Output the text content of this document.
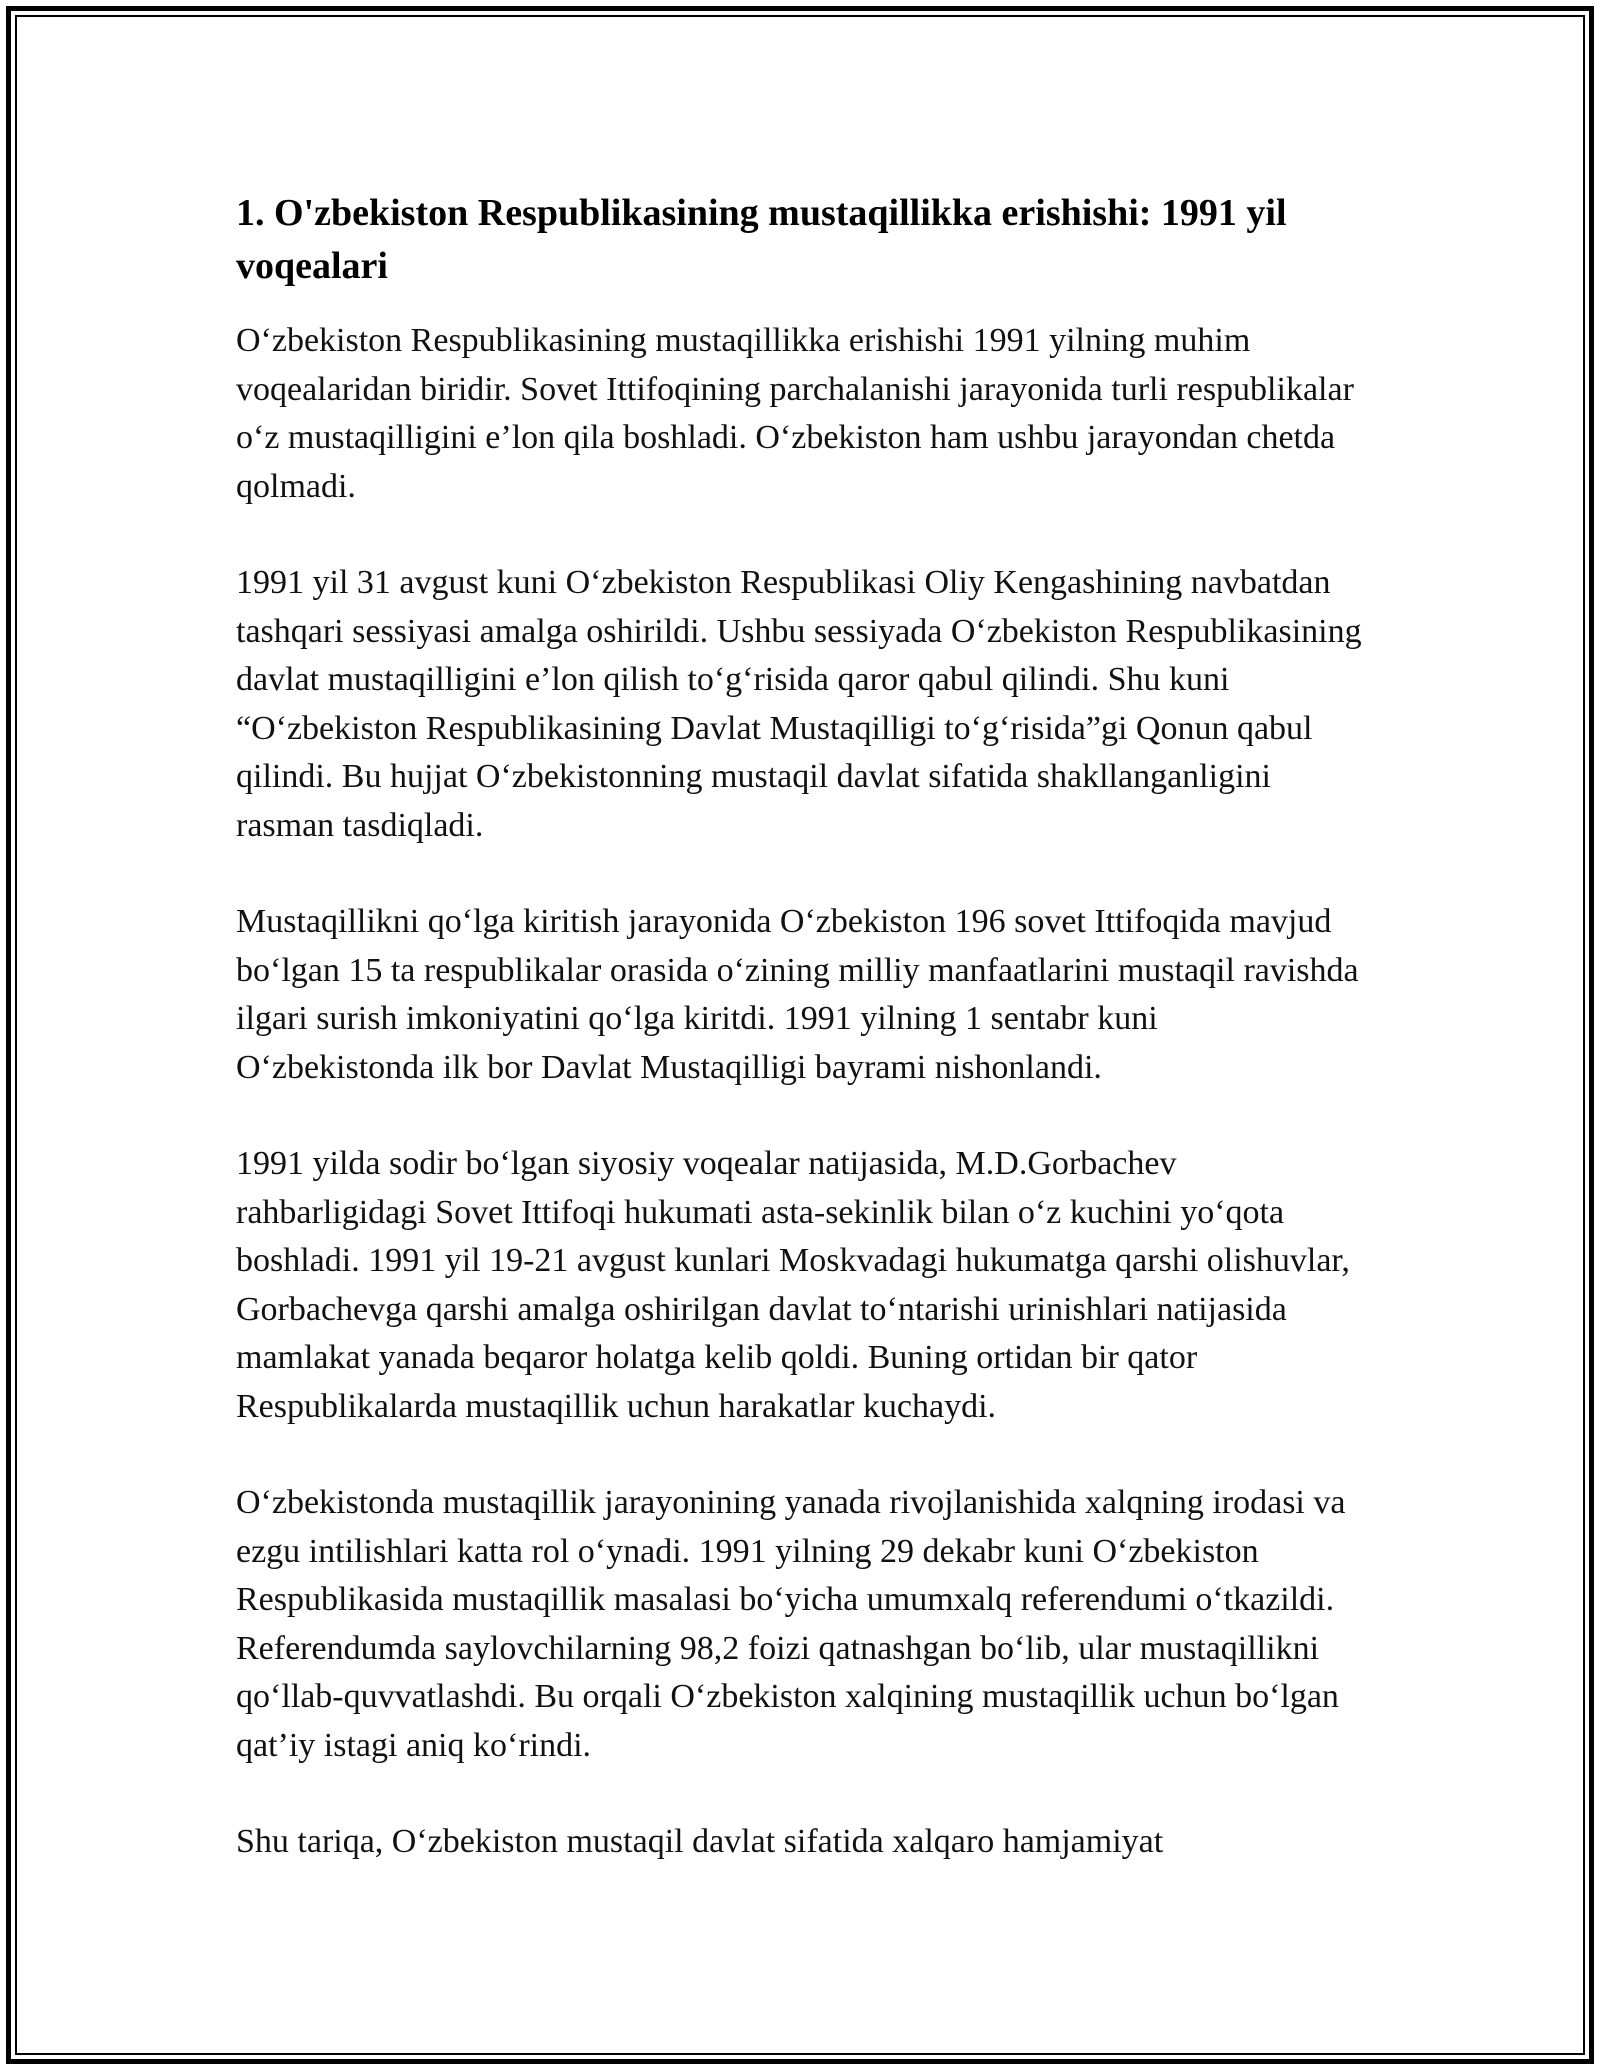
1. O'zbekiston Respublikasining mustaqillikka erishishi: 1991 yil voqealari

O‘zbekiston Respublikasining mustaqillikka erishishi 1991 yilning muhim voqealaridan biridir. Sovet Ittifoqining parchalanishi jarayonida turli respublikalar o‘z mustaqilligini e’lon qila boshladi. O‘zbekiston ham ushbu jarayondan chetda qolmadi.

1991 yil 31 avgust kuni O‘zbekiston Respublikasi Oliy Kengashining navbatdan tashqari sessiyasi amalga oshirildi. Ushbu sessiyada O‘zbekiston Respublikasining davlat mustaqilligini e’lon qilish to‘g‘risida qaror qabul qilindi. Shu kuni “O‘zbekiston Respublikasining Davlat Mustaqilligi to‘g‘risida”gi Qonun qabul qilindi. Bu hujjat O‘zbekistonning mustaqil davlat sifatida shakllanganligini rasman tasdiqladi.

Mustaqillikni qo‘lga kiritish jarayonida O‘zbekiston 196 sovet Ittifoqida mavjud bo‘lgan 15 ta respublikalar orasida o‘zining milliy manfaatlarini mustaqil ravishda ilgari surish imkoniyatini qo‘lga kiritdi. 1991 yilning 1 sentabr kuni O‘zbekistonda ilk bor Davlat Mustaqilligi bayrami nishonlandi.

1991 yilda sodir bo‘lgan siyosiy voqealar natijasida, M.D.Gorbachev rahbarligidagi Sovet Ittifoqi hukumati asta-sekinlik bilan o‘z kuchini yo‘qota boshladi. 1991 yil 19-21 avgust kunlari Moskvadagi hukumatga qarshi olishuvlar, Gorbachevga qarshi amalga oshirilgan davlat to‘ntarishi urinishlari natijasida mamlakat yanada beqaror holatga kelib qoldi. Buning ortidan bir qator Respublikalarda mustaqillik uchun harakatlar kuchaydi.

O‘zbekistonda mustaqillik jarayonining yanada rivojlanishida xalqning irodasi va ezgu intilishlari katta rol o‘ynadi. 1991 yilning 29 dekabr kuni O‘zbekiston Respublikasida mustaqillik masalasi bo‘yicha umumxalq referendumi o‘tkazildi. Referendumda saylovchilarning 98,2 foizi qatnashgan bo‘lib, ular mustaqillikni qo‘llab-quvvatlashdi. Bu orqali O‘zbekiston xalqining mustaqillik uchun bo‘lgan qat’iy istagi aniq ko‘rindi.

Shu tariqa, O‘zbekiston mustaqil davlat sifatida xalqaro hamjamiyat
